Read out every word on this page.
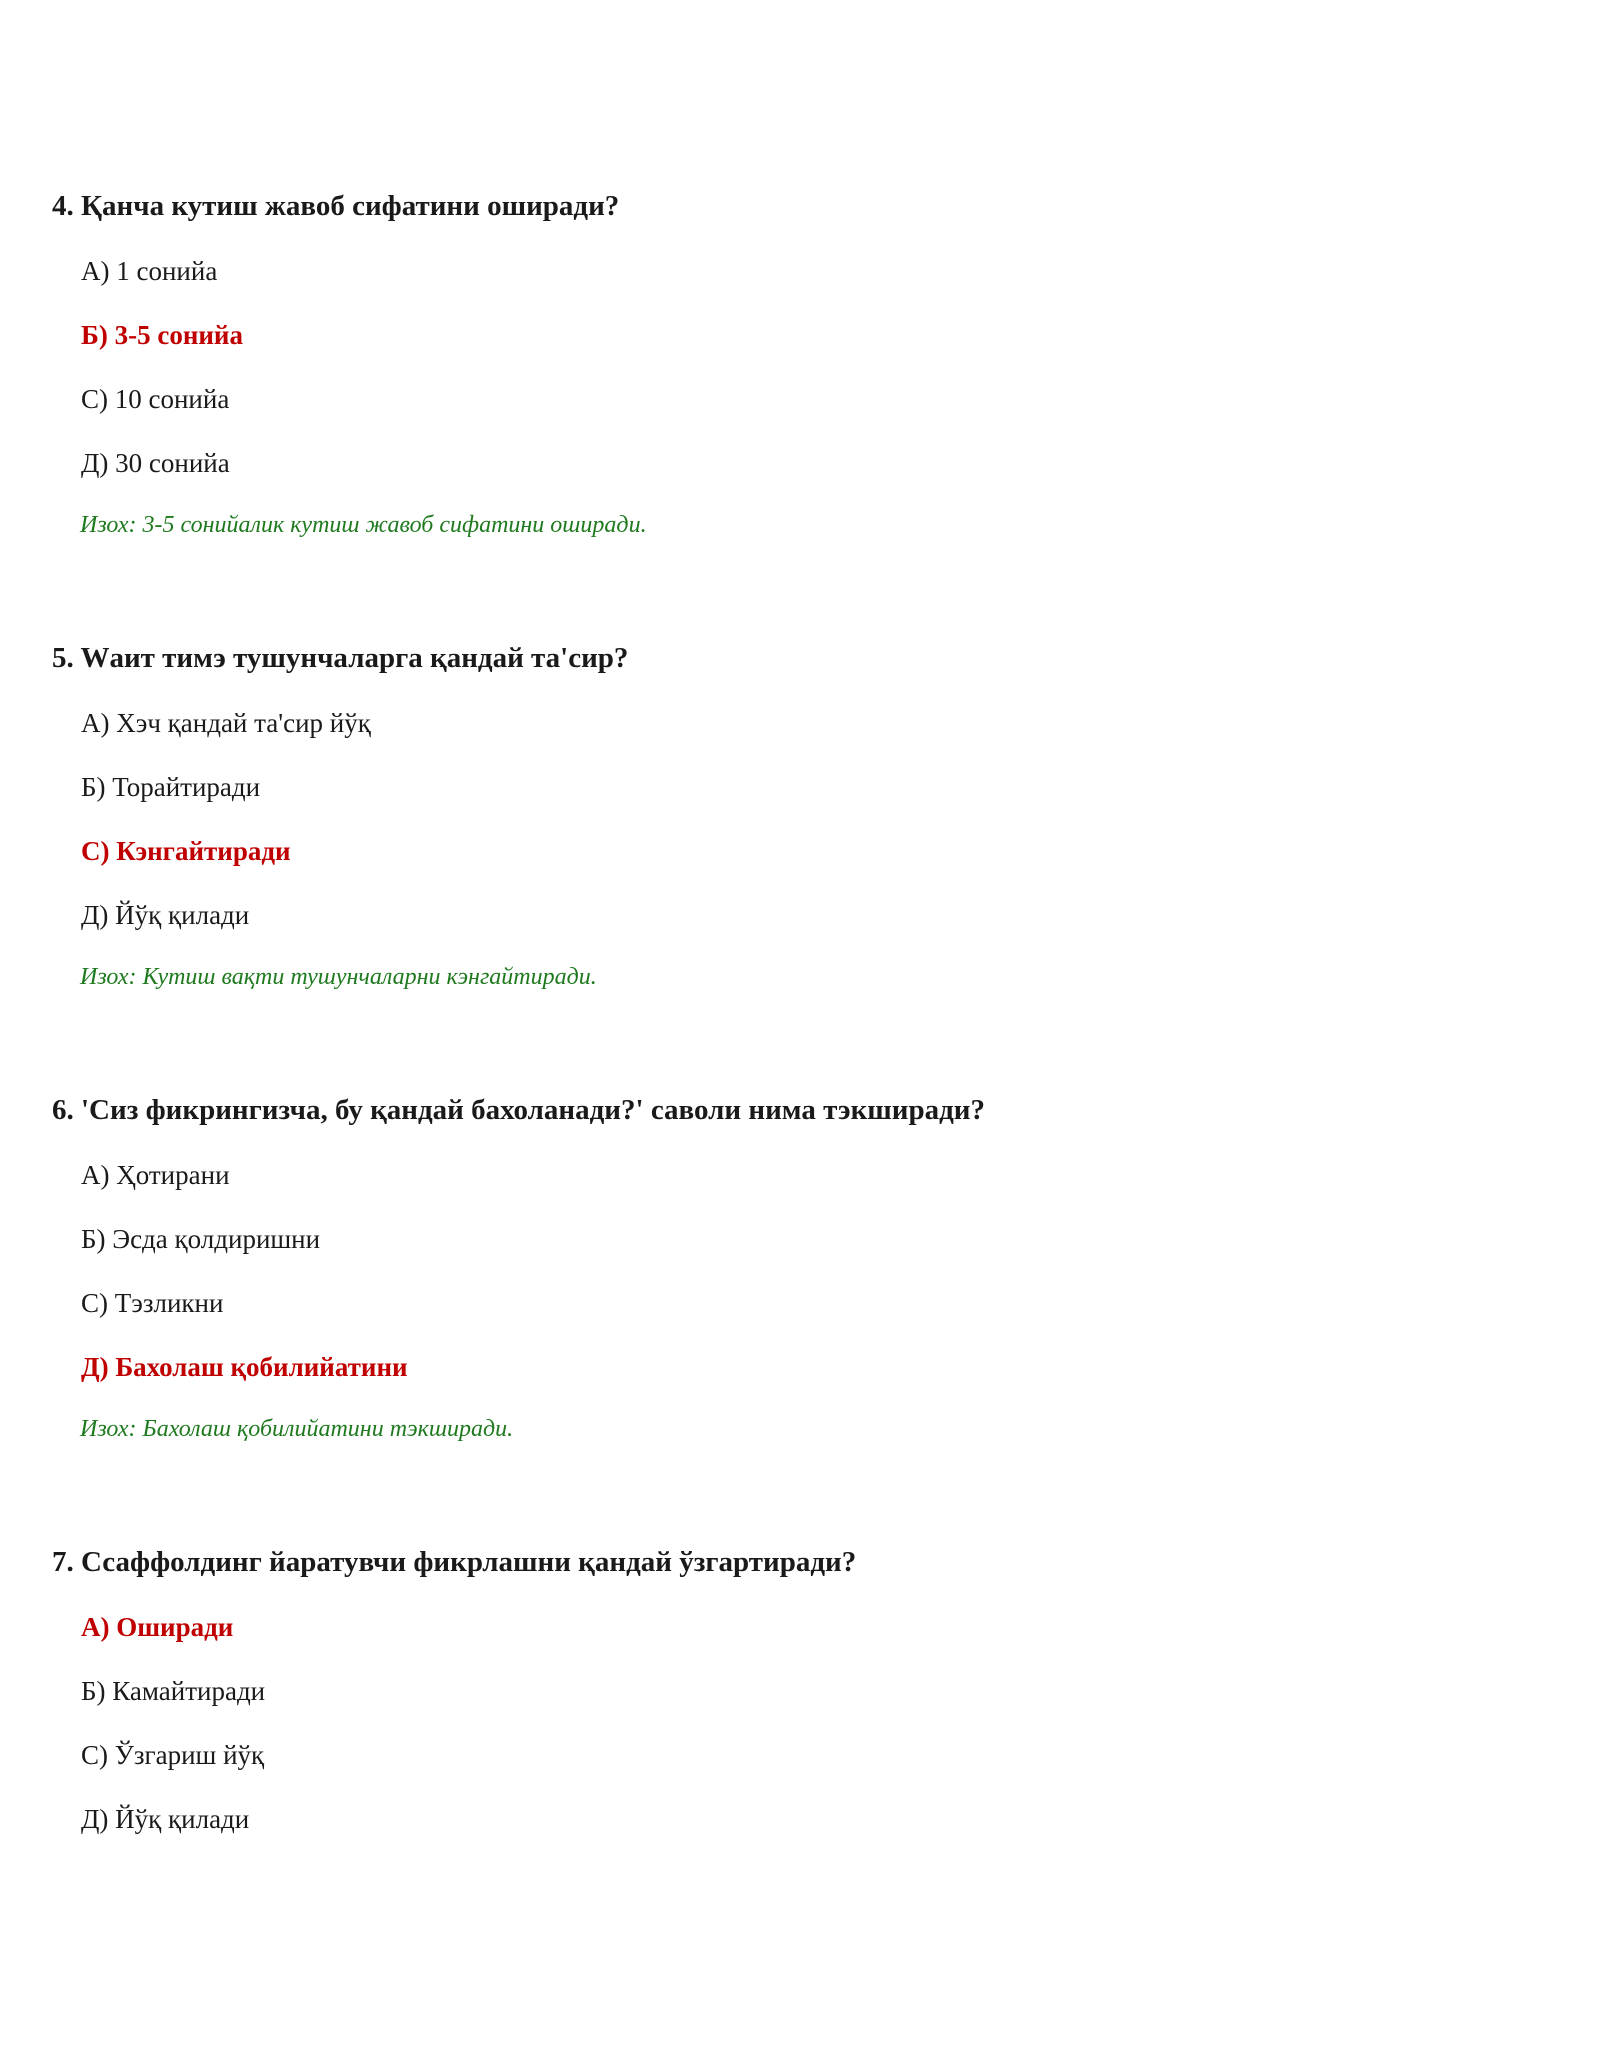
4. Қанча кутиш жавоб сифатини оширади?
А) 1 сонийа
Б) 3-5 сонийа
С) 10 сонийа
Д) 30 сонийа
Изох: 3-5 сонийалик кутиш жавоб сифатини оширади.
5. Wаит тимэ тушунчаларга қандай та'сир?
А) Хэч қандай та'сир йўқ
Б) Торайтиради
С) Кэнгайтиради
Д) Йўқ қилади
Изох: Кутиш вақти тушунчаларни кэнгайтиради.
6. 'Сиз фикрингизча, бу қандай бахоланади?' саволи нима тэкширади?
А) Ҳотирани
Б) Эсда қолдиришни
С) Тэзликни
Д) Бахолаш қобилийатини
Изох: Бахолаш қобилийатини тэкширади.
7. Ссаффолдинг йаратувчи фикрлашни қандай ўзгартиради?
А) Оширади
Б) Камайтиради
С) Ўзгариш йўқ
Д) Йўқ қилади
